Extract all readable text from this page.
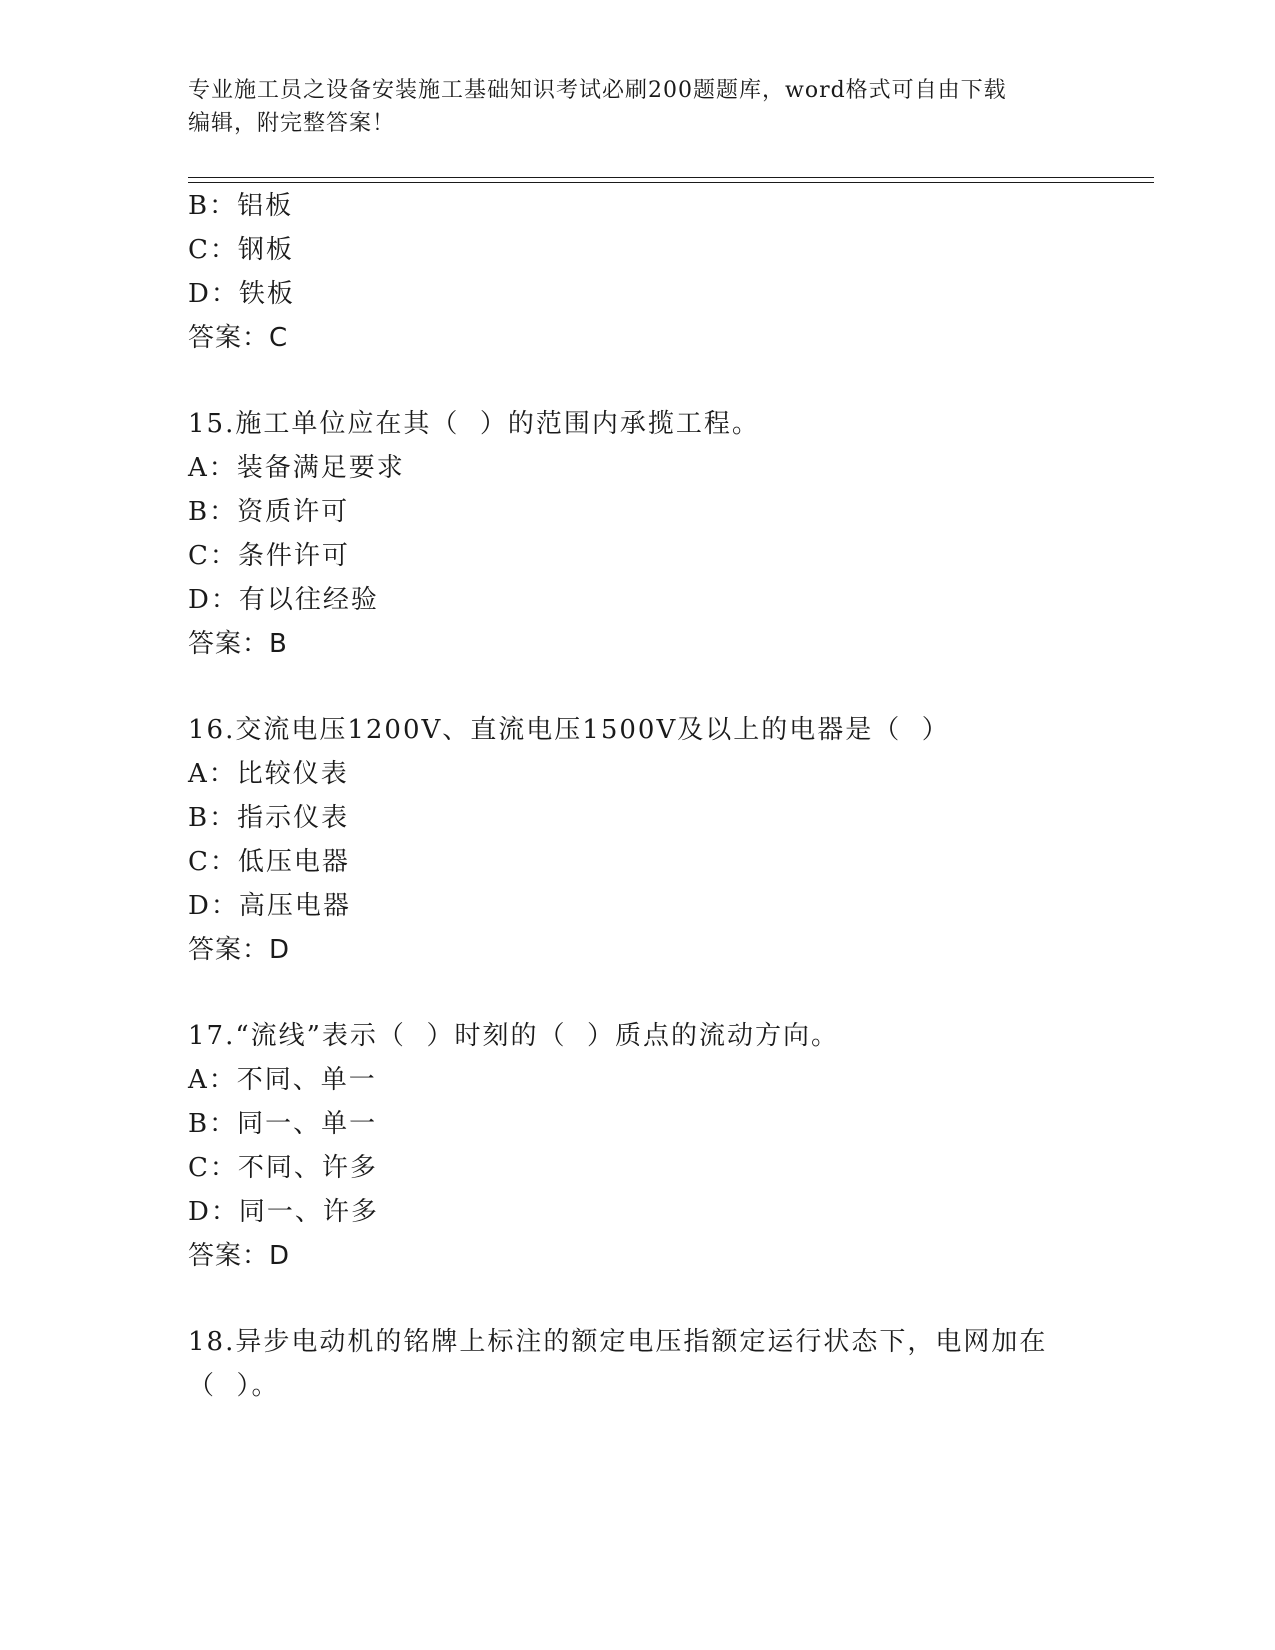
专业施工员之设备安装施工基础知识考试必刷200题题库，word格式可自由下载
编辑，附完整答案！
B：铝板
C：钢板
D：铁板
答案：C
15.施工单位应在其（  ）的范围内承揽工程。
A：装备满足要求
B：资质许可
C：条件许可
D：有以往经验
答案：B
16.交流电压1200V、直流电压1500V及以上的电器是（  ）
A：比较仪表
B：指示仪表
C：低压电器
D：高压电器
答案：D
17.“流线”表示（  ）时刻的（  ）质点的流动方向。
A：不同、单一
B：同一、单一
C：不同、许多
D：同一、许多
答案：D
18.异步电动机的铭牌上标注的额定电压指额定运行状态下，电网加在
（  ）。
